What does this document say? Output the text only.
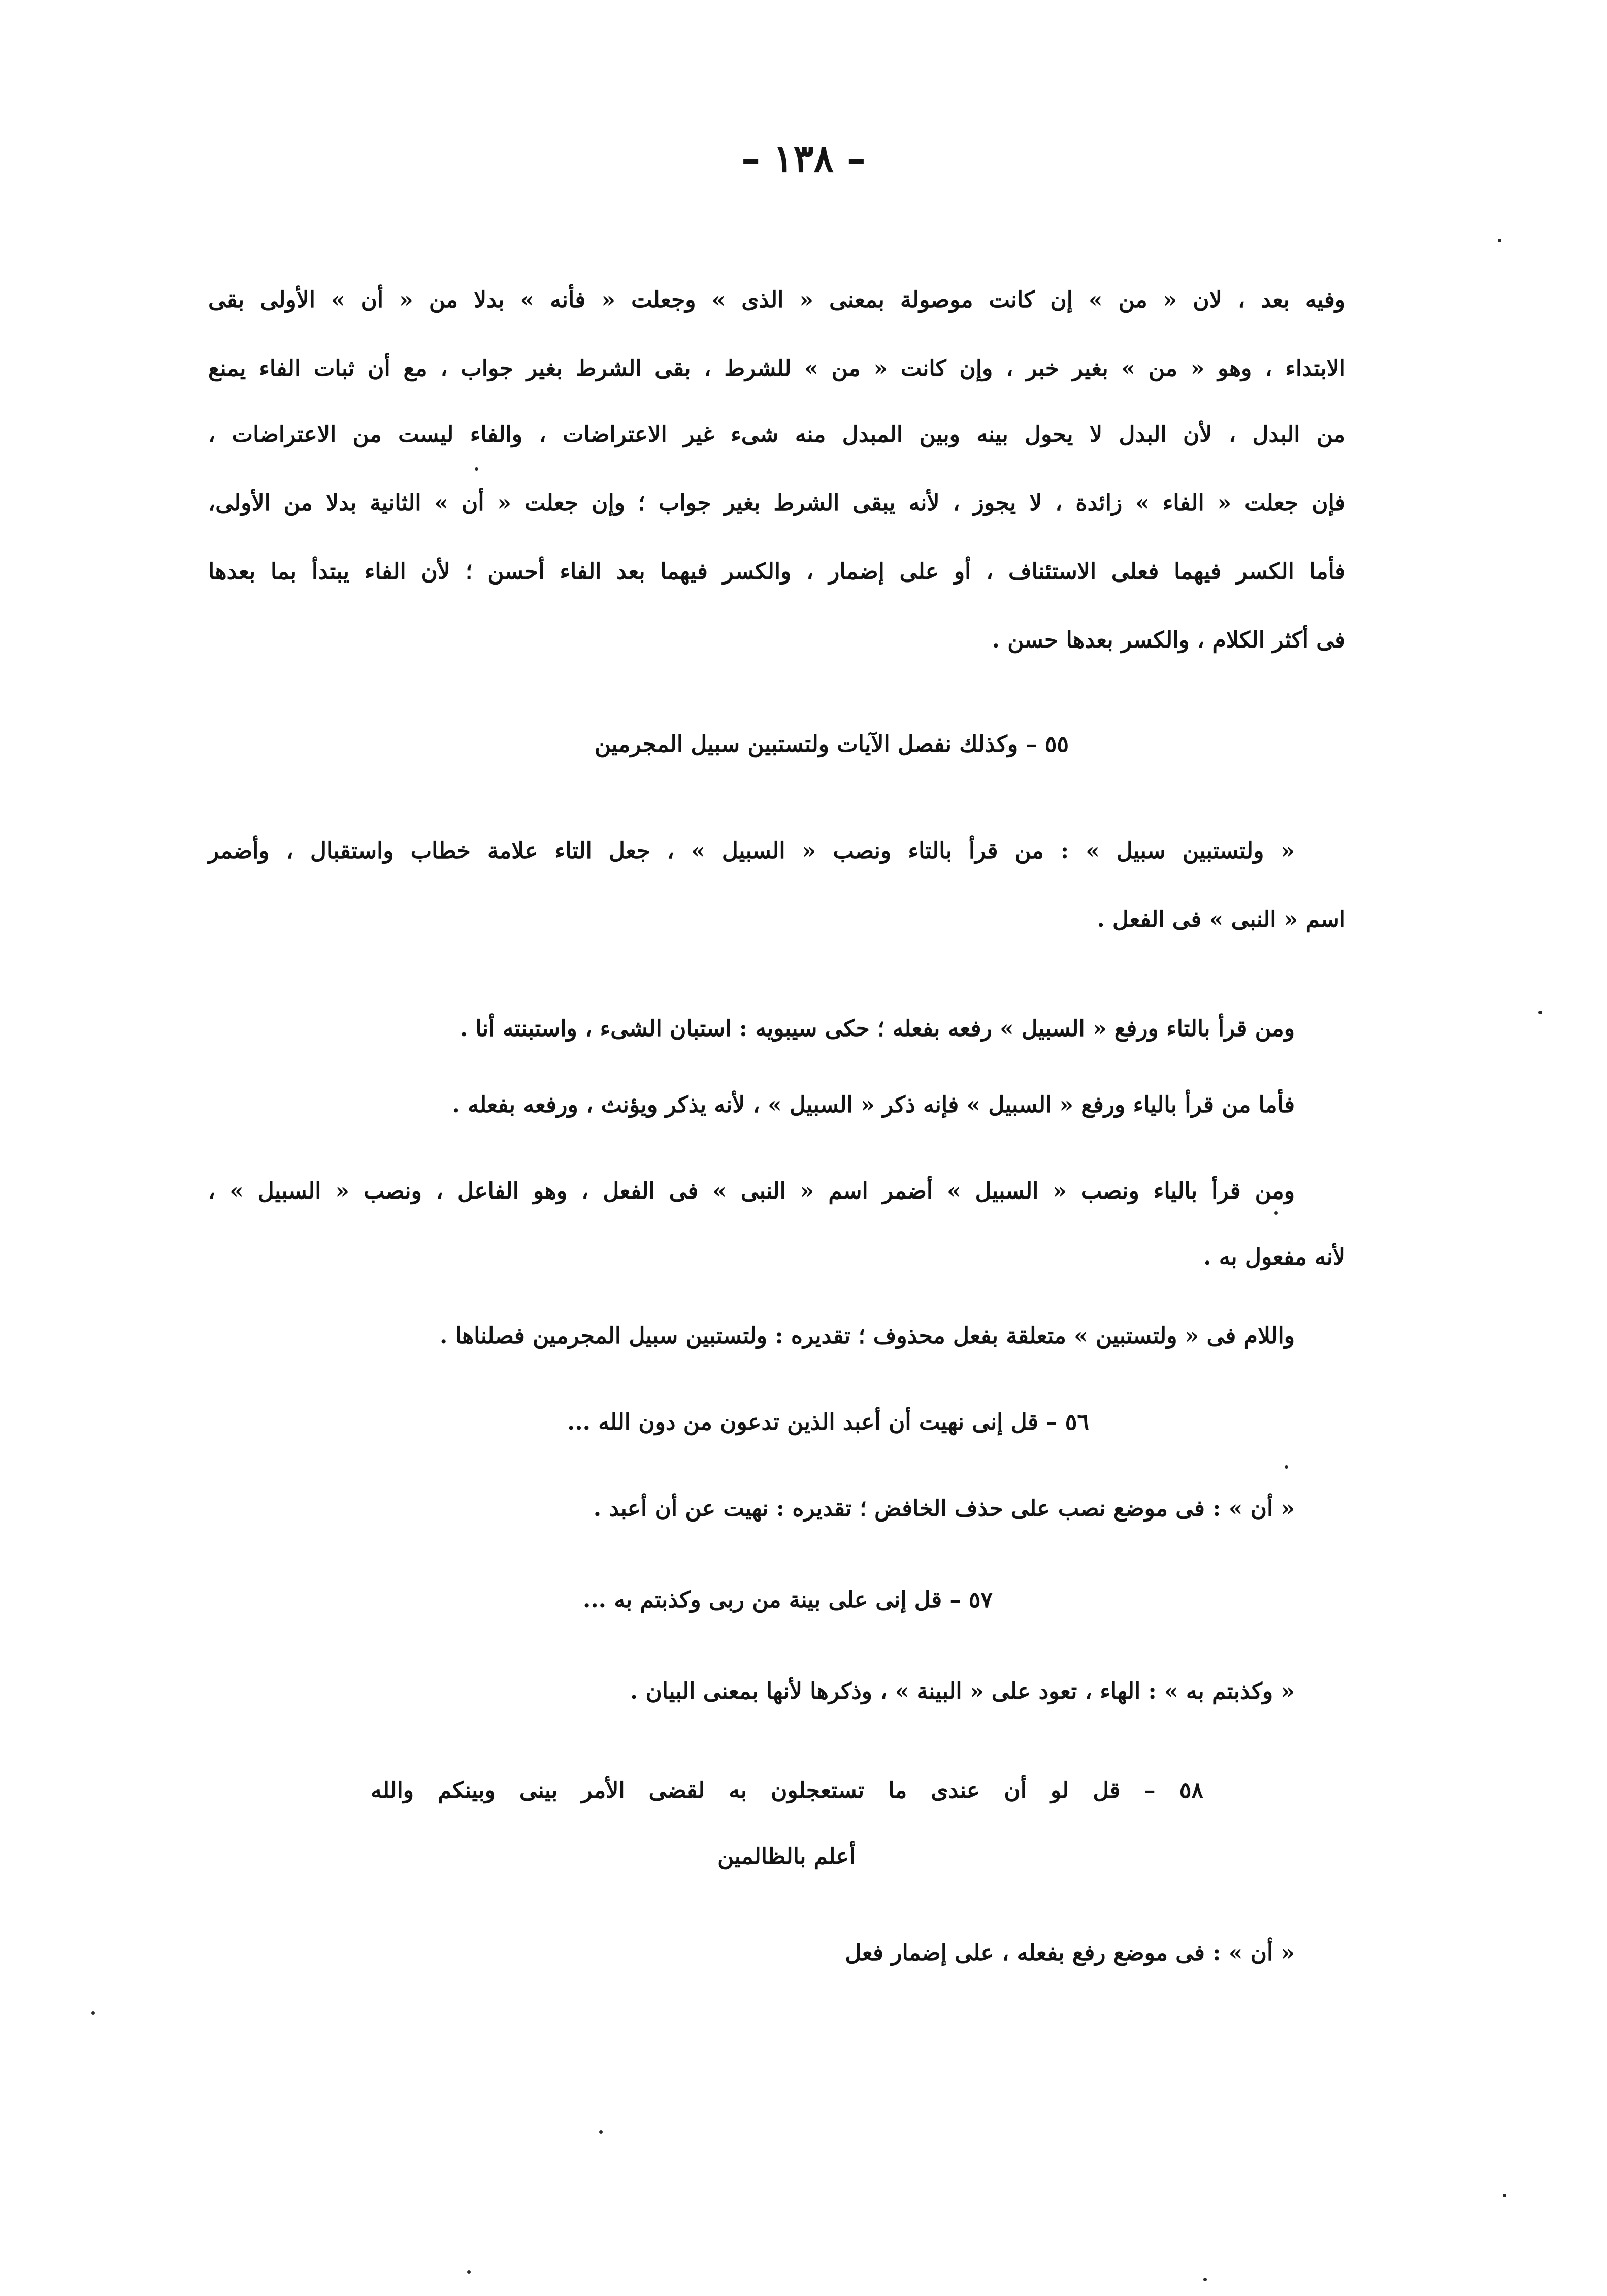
– ١٣٨ –
وفيه بعد ، لان « من » إن كانت موصولة بمعنى « الذى » وجعلت « فأنه » بدلا من « أن » الأولى بقى
الابتداء ، وهو « من » بغير خبر ، وإن كانت « من » للشرط ، بقى الشرط بغير جواب ، مع أن ثبات الفاء يمنع
من البدل ، لأن البدل لا يحول بينه وبين المبدل منه شىء غير الاعتراضات ، والفاء ليست من الاعتراضات ،
فإن جعلت « الفاء » زائدة ، لا يجوز ، لأنه يبقى الشرط بغير جواب ؛ وإن جعلت « أن » الثانية بدلا من الأولى،
فأما الكسر فيهما فعلى الاستئناف ، أو على إضمار ، والكسر فيهما بعد الفاء أحسن ؛ لأن الفاء يبتدأ بما بعدها
فى أكثر الكلام ، والكسر بعدها حسن .
٥٥ – وكذلك نفصل الآيات ولتستبين سبيل المجرمين
« ولتستبين سبيل » : من قرأ بالتاء ونصب « السبيل » ، جعل التاء علامة خطاب واستقبال ، وأضمر
اسم « النبى » فى الفعل .
ومن قرأ بالتاء ورفع « السبيل » رفعه بفعله ؛ حكى سيبويه : استبان الشىء ، واستبنته أنا .
فأما من قرأ بالياء ورفع « السبيل » فإنه ذكر « السبيل » ، لأنه يذكر ويؤنث ، ورفعه بفعله .
ومن قرأ بالياء ونصب « السبيل » أضمر اسم « النبى » فى الفعل ، وهو الفاعل ، ونصب « السبيل » ،
لأنه مفعول به .
واللام فى « ولتستبين » متعلقة بفعل محذوف ؛ تقديره : ولتستبين سبيل المجرمين فصلناها .
٥٦ – قل إنى نهيت أن أعبد الذين تدعون من دون الله ...
« أن » : فى موضع نصب على حذف الخافض ؛ تقديره : نهيت عن أن أعبد .
٥٧ – قل إنى على بينة من ربى وكذبتم به ...
« وكذبتم به » : الهاء ، تعود على « البينة » ، وذكرها لأنها بمعنى البيان .
٥٨ – قل لو أن عندى ما تستعجلون به لقضى الأمر بينى وبينكم والله
أعلم بالظالمين
« أن » : فى موضع رفع بفعله ، على إضمار فعل
